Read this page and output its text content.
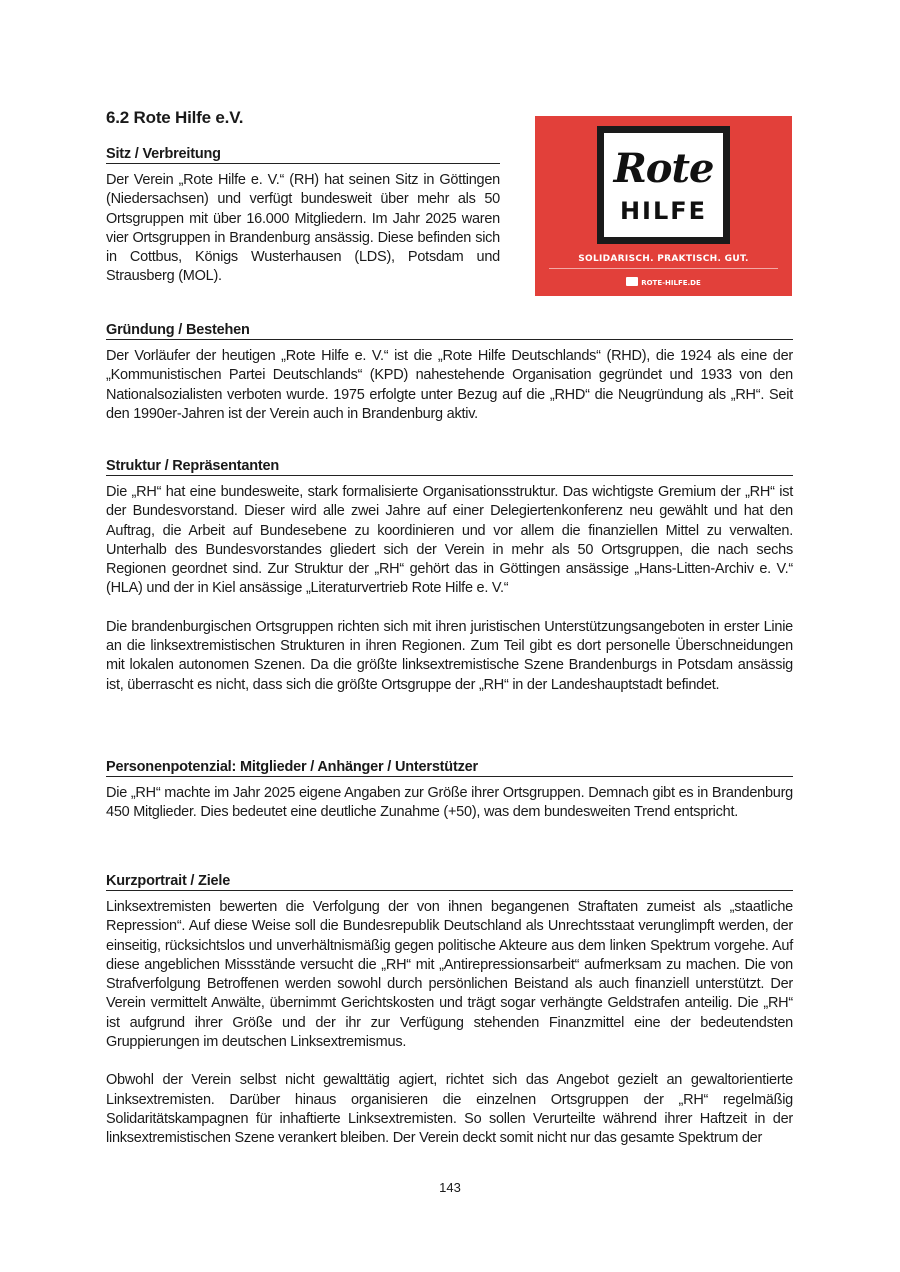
6.2 Rote Hilfe e.V.
Sitz / Verbreitung

Der Verein „Rote Hilfe e. V.“ (RH) hat seinen Sitz in Göttingen (Niedersachsen) und verfügt bundesweit über mehr als 50 Ortsgruppen mit über 16.000 Mitgliedern. Im Jahr 2025 waren vier Ortsgruppen in Brandenburg ansässig. Diese befinden sich in Cottbus, Königs Wusterhausen (LDS), Potsdam und Strausberg (MOL).

Gründung / Bestehen

Der Vorläufer der heutigen „Rote Hilfe e. V.“ ist die „Rote Hilfe Deutschlands“ (RHD), die 1924 als eine der „Kommunistischen Partei Deutschlands“ (KPD) nahestehende Organisation gegründet und 1933 von den Nationalsozialisten verboten wurde. 1975 erfolgte unter Bezug auf die „RHD“ die Neugründung als „RH“. Seit den 1990er-Jahren ist der Verein auch in Brandenburg aktiv.

Struktur / Repräsentanten

Die „RH“ hat eine bundesweite, stark formalisierte Organisationsstruktur. Das wichtigste Gremium der „RH“ ist der Bundesvorstand. Dieser wird alle zwei Jahre auf einer Delegiertenkonferenz neu gewählt und hat den Auftrag, die Arbeit auf Bundesebene zu koordinieren und vor allem die finanziellen Mittel zu verwalten. Unterhalb des Bundesvorstandes gliedert sich der Verein in mehr als 50 Ortsgruppen, die nach sechs Regionen geordnet sind. Zur Struktur der „RH“ gehört das in Göttingen ansässige „Hans-Litten-Archiv e. V.“ (HLA) und der in Kiel ansässige „Literaturvertrieb Rote Hilfe e. V.“

Die brandenburgischen Ortsgruppen richten sich mit ihren juristischen Unterstützungsangeboten in erster Linie an die linksextremistischen Strukturen in ihren Regionen. Zum Teil gibt es dort personelle Überschneidungen mit lokalen autonomen Szenen. Da die größte linksextremistische Szene Brandenburgs in Potsdam ansässig ist, überrascht es nicht, dass sich die größte Ortsgruppe der „RH“ in der Landeshauptstadt befindet.

Personenpotenzial: Mitglieder / Anhänger / Unterstützer

Die „RH“ machte im Jahr 2025 eigene Angaben zur Größe ihrer Ortsgruppen. Demnach gibt es in Brandenburg 450 Mitglieder. Dies bedeutet eine deutliche Zunahme (+50), was dem bundesweiten Trend entspricht.

Kurzportrait / Ziele

Linksextremisten bewerten die Verfolgung der von ihnen begangenen Straftaten zumeist als „staatliche Repression“. Auf diese Weise soll die Bundesrepublik Deutschland als Unrechtsstaat verunglimpft werden, der einseitig, rücksichtslos und unverhältnismäßig gegen politische Akteure aus dem linken Spektrum vorgehe. Auf diese angeblichen Missstände versucht die „RH“ mit „Antirepressionsarbeit“ aufmerksam zu machen. Die von Strafverfolgung Betroffenen werden sowohl durch persönlichen Beistand als auch finanziell unterstützt. Der Verein vermittelt Anwälte, übernimmt Gerichtskosten und trägt sogar verhängte Geldstrafen anteilig. Die „RH“ ist aufgrund ihrer Größe und der ihr zur Verfügung stehenden Finanzmittel eine der bedeutendsten Gruppierungen im deutschen Linksextremismus.

Obwohl der Verein selbst nicht gewalttätig agiert, richtet sich das Angebot gezielt an gewaltorientierte Linksextremisten. Darüber hinaus organisieren die einzelnen Ortsgruppen der „RH“ regelmäßig Solidaritätskampagnen für inhaftierte Linksextremisten. So sollen Verurteilte während ihrer Haftzeit in der linksextremistischen Szene verankert bleiben. Der Verein deckt somit nicht nur das gesamte Spektrum der

Rote
HILFE
SOLIDARISCH. PRAKTISCH. GUT.
ROTE-HILFE.DE
143
